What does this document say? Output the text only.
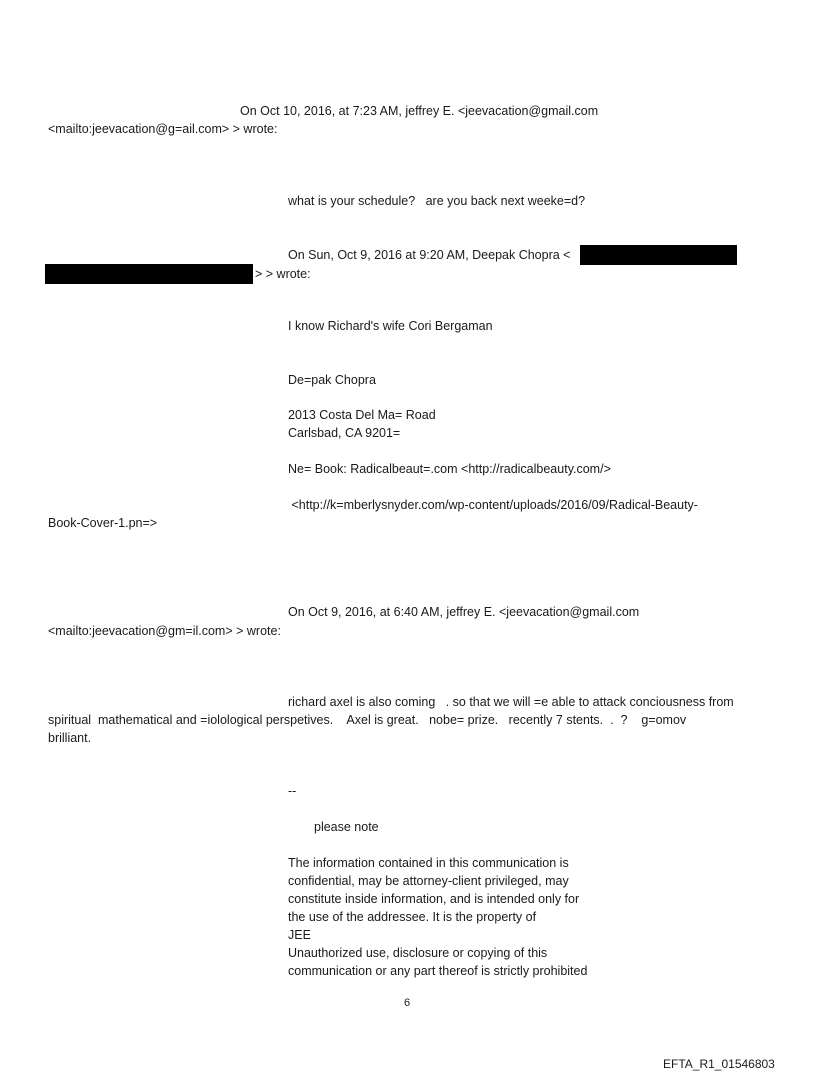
On Oct 10, 2016, at 7:23 AM, jeffrey E. <jeevacation@gmail.com
<mailto:jeevacation@g=ail.com> > wrote:
what is your schedule?   are you back next weeke=d?
On Sun, Oct 9, 2016 at 9:20 AM, Deepak Chopra <
> > wrote:
I know Richard's wife Cori Bergaman
De=pak Chopra
2013 Costa Del Ma= Road
Carlsbad, CA 9201=
Ne= Book: Radicalbeaut=.com <http://radicalbeauty.com/>
<http://k=mberlysnyder.com/wp-content/uploads/2016/09/Radical-Beauty-
Book-Cover-1.pn=>
On Oct 9, 2016, at 6:40 AM, jeffrey E. <jeevacation@gmail.com
<mailto:jeevacation@gm=il.com> > wrote:
richard axel is also coming   . so that we will =e able to attack conciousness from
spiritual  mathematical and =iolological perspetives.    Axel is great.   nobe= prize.   recently 7 stents.  .  ?    g=omov
brilliant.
--
please note
The information contained in this communication is
confidential, may be attorney-client privileged, may
constitute inside information, and is intended only for
the use of the addressee. It is the property of
JEE
Unauthorized use, disclosure or copying of this
communication or any part thereof is strictly prohibited
6
EFTA_R1_01546803
